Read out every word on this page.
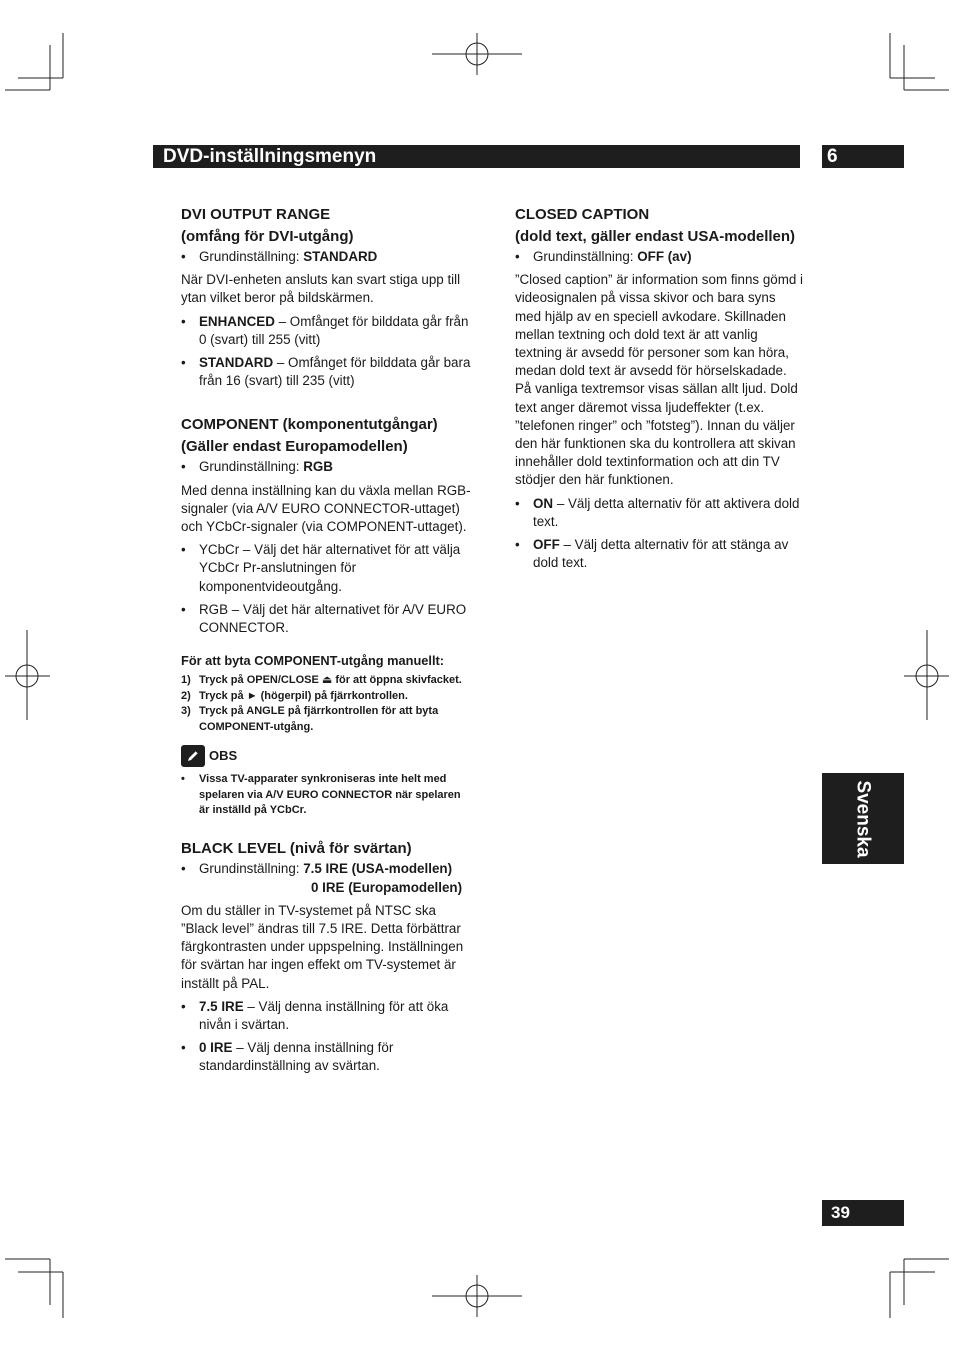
DVD-inställningsmenyn	6
Svenska
39
DVI OUTPUT RANGE
(omfång för DVI-utgång)
• Grundinställning: STANDARD

När DVI-enheten ansluts kan svart stiga upp till ytan vilket beror på bildskärmen.

• ENHANCED – Omfånget för bilddata går från 0 (svart) till 255 (vitt)
• STANDARD – Omfånget för bilddata går bara från 16 (svart) till 235 (vitt)
COMPONENT (komponentutgångar)
(Gäller endast Europamodellen)
• Grundinställning: RGB

Med denna inställning kan du växla mellan RGB-signaler (via A/V EURO CONNECTOR-uttaget) och YCbCr-signaler (via COMPONENT-uttaget).

• YCbCr – Välj det här alternativet för att välja YCbCr Pr-anslutningen för komponentvideoutgång.
• RGB – Välj det här alternativet för A/V EURO CONNECTOR.
För att byta COMPONENT-utgång manuellt:
1) Tryck på OPEN/CLOSE ⏏ för att öppna skivfacket.
2) Tryck på ► (högerpil) på fjärrkontrollen.
3) Tryck på ANGLE på fjärrkontrollen för att byta COMPONENT-utgång.
OBS
• Vissa TV-apparater synkroniseras inte helt med spelaren via A/V EURO CONNECTOR när spelaren är inställd på YCbCr.
BLACK LEVEL (nivå för svärtan)
• Grundinställning: 7.5 IRE (USA-modellen)

0 IRE (Europamodellen)

Om du ställer in TV-systemet på NTSC ska ”Black level” ändras till 7.5 IRE. Detta förbättrar färgkontrasten under uppspelning. Inställningen för svärtan har ingen effekt om TV-systemet är inställt på PAL.

• 7.5 IRE – Välj denna inställning för att öka nivån i svärtan.
• 0 IRE – Välj denna inställning för standardinställning av svärtan.
CLOSED CAPTION
(dold text, gäller endast USA-modellen)
• Grundinställning: OFF (av)

”Closed caption” är information som finns gömd i videosignalen på vissa skivor och bara syns med hjälp av en speciell avkodare. Skillnaden mellan textning och dold text är att vanlig textning är avsedd för personer som kan höra, medan dold text är avsedd för hörselskadade. På vanliga textremsor visas sällan allt ljud. Dold text anger däremot vissa ljudeffekter (t.ex. ”telefonen ringer” och ”fotsteg”). Innan du väljer den här funktionen ska du kontrollera att skivan innehåller dold textinformation och att din TV stödjer den här funktionen.

• ON – Välj detta alternativ för att aktivera dold text.
• OFF – Välj detta alternativ för att stänga av dold text.
